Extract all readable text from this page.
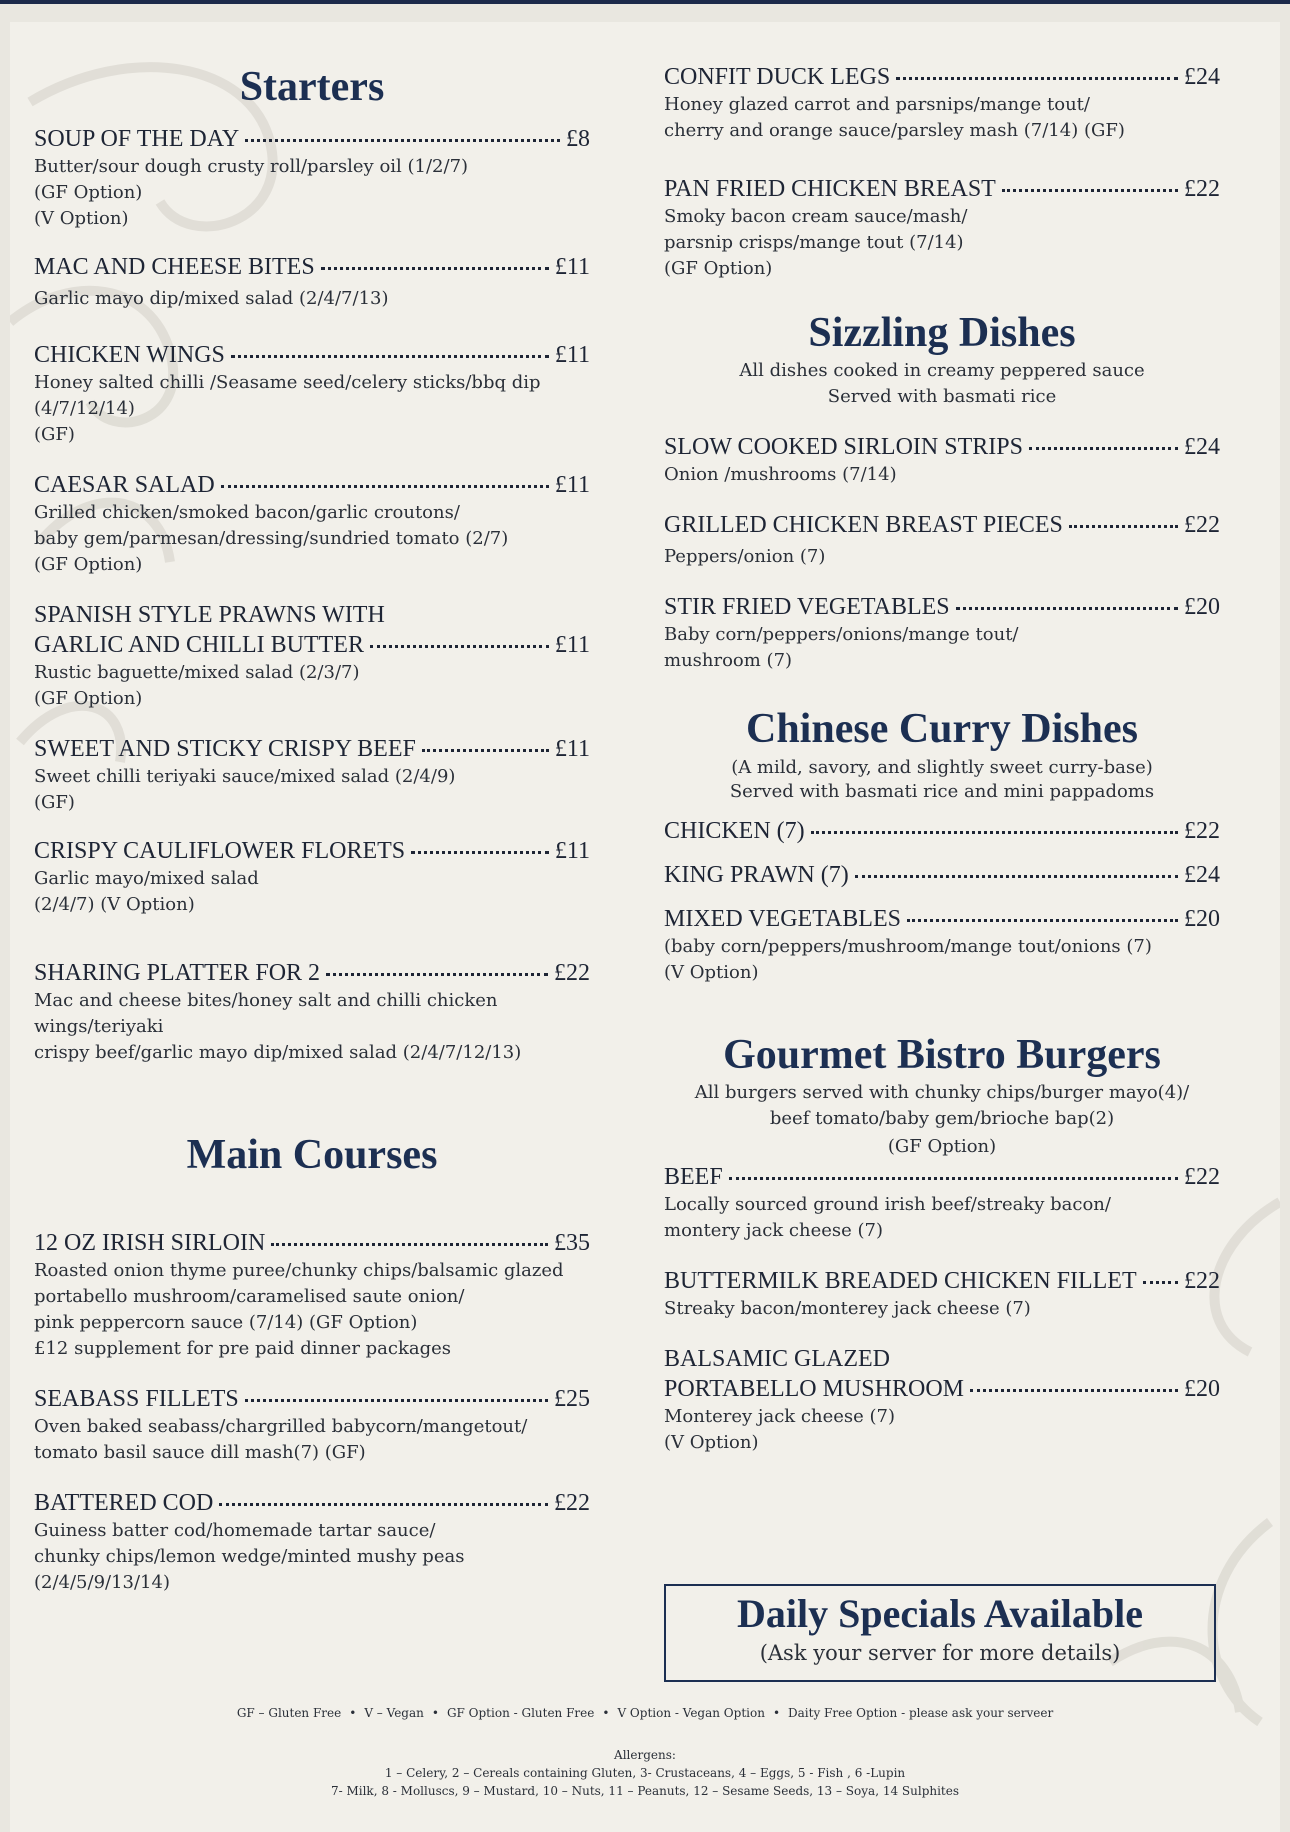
Starters
SOUP OF THE DAY	£8
Butter/sour dough crusty roll/parsley oil (1/2/7)
(GF Option)
(V Option)
MAC AND CHEESE BITES	£11
Garlic mayo dip/mixed salad (2/4/7/13)
CHICKEN WINGS	£11
Honey salted chilli /Seasame seed/celery sticks/bbq dip
(4/7/12/14)
(GF)
CAESAR SALAD	£11
Grilled chicken/smoked bacon/garlic croutons/
baby gem/parmesan/dressing/sundried tomato (2/7)
(GF Option)
SPANISH STYLE PRAWNS WITH
GARLIC AND CHILLI BUTTER	£11
Rustic baguette/mixed salad (2/3/7)
(GF Option)
SWEET AND STICKY CRISPY BEEF	£11
Sweet chilli teriyaki sauce/mixed salad (2/4/9)
(GF)
CRISPY CAULIFLOWER FLORETS	£11
Garlic mayo/mixed salad
(2/4/7) (V Option)
SHARING PLATTER FOR 2	£22
Mac and cheese bites/honey salt and chilli chicken wings/teriyaki
crispy beef/garlic mayo dip/mixed salad (2/4/7/12/13)
Main Courses
12 OZ IRISH SIRLOIN	£35
Roasted onion thyme puree/chunky chips/balsamic glazed
portabello mushroom/caramelised saute onion/
pink peppercorn sauce (7/14) (GF Option)
£12 supplement for pre paid dinner packages
SEABASS FILLETS	£25
Oven baked seabass/chargrilled babycorn/mangetout/
tomato basil sauce dill mash(7) (GF)
BATTERED COD	£22
Guiness batter cod/homemade tartar sauce/
chunky chips/lemon wedge/minted mushy peas
(2/4/5/9/13/14)
CONFIT DUCK LEGS	£24
Honey glazed carrot and parsnips/mange tout/
cherry and orange sauce/parsley mash (7/14) (GF)
PAN FRIED CHICKEN BREAST	£22
Smoky bacon cream sauce/mash/
parsnip crisps/mange tout (7/14)
(GF Option)
Sizzling Dishes
All dishes cooked in creamy peppered sauce
Served with basmati rice
SLOW COOKED SIRLOIN STRIPS	£24
Onion /mushrooms (7/14)
GRILLED CHICKEN BREAST PIECES	£22
Peppers/onion (7)
STIR FRIED VEGETABLES	£20
Baby corn/peppers/onions/mange tout/
mushroom (7)
Chinese Curry Dishes
(A mild, savory, and slightly sweet curry-base)
Served with basmati rice and mini pappadoms
CHICKEN (7)	£22
KING PRAWN (7)	£24
MIXED VEGETABLES	£20
(baby corn/peppers/mushroom/mange tout/onions (7)
(V Option)
Gourmet Bistro Burgers
All burgers served with chunky chips/burger mayo(4)/
beef tomato/baby gem/brioche bap(2)
(GF Option)
BEEF	£22
Locally sourced ground irish beef/streaky bacon/
montery jack cheese (7)
BUTTERMILK BREADED CHICKEN FILLET £22
Streaky bacon/monterey jack cheese (7)
BALSAMIC GLAZED
PORTABELLO MUSHROOM	£20
Monterey jack cheese (7)
(V Option)
Daily Specials Available
(Ask your server for more details)
GF – Gluten Free • V – Vegan • GF Option - Gluten Free • V Option - Vegan Option • Daity Free Option - please ask your serveer
Allergens:
1 – Celery, 2 – Cereals containing Gluten, 3- Crustaceans, 4 – Eggs, 5 - Fish , 6 -Lupin
7- Milk, 8 - Molluscs, 9 – Mustard, 10 – Nuts, 11 – Peanuts, 12 – Sesame Seeds, 13 – Soya, 14 Sulphites
